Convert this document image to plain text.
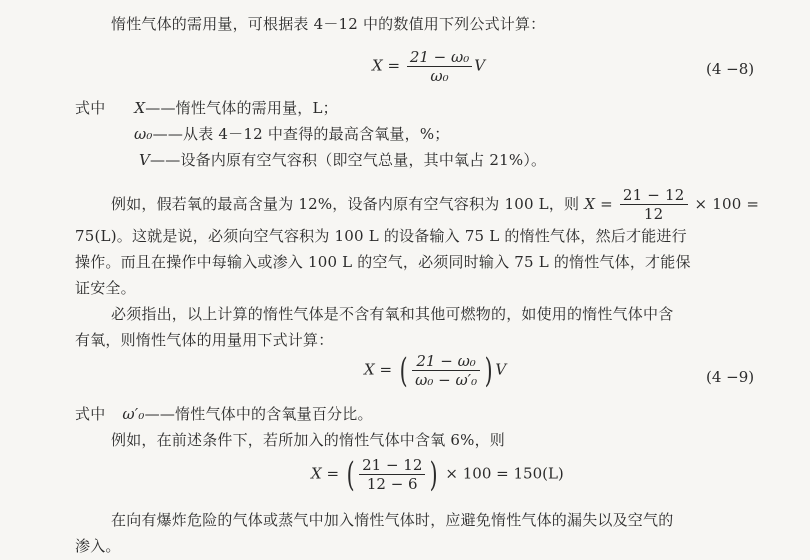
惰性气体的需用量，可根据表 4－12 中的数值用下列公式计算：
$X = \frac{\text{21 − ω₀}}{\text{ω₀}}$ V	(4 −8)
式中 X——惰性气体的需用量，L；
ω₀——从表 4－12 中查得的最高含氧量，%；
V——设备内原有空气容积（即空气总量，其中氧占 21%）。
例如，假若氧的最高含量为 12%，设备内原有空气容积为 100 L，则 $X = \frac{21 - 12}{12} \times 100$ =
75(L)。这就是说，必须向空气容积为 100 L 的设备输入 75 L 的惰性气体，然后才能进行
操作。而且在操作中每输入或渗入 100 L 的空气，必须同时输入 75 L 的惰性气体，才能保
证安全。
必须指出，以上计算的惰性气体是不含有氧和其他可燃物的，如使用的惰性气体中含
有氧，则惰性气体的用量用下式计算：
X = ( $\frac{\text{21 − ω₀}}{\text{ω₀ − ω′₀}}$ ) V	(4 −9)
式中 ω′₀——惰性气体中的含氧量百分比。
例如，在前述条件下，若所加入的惰性气体中含氧 6%，则
X = ( $\frac{21 - 12}{12 - 6}$ ) × 100 = 150(L)
在向有爆炸危险的气体或蒸气中加入惰性气体时，应避免惰性气体的漏失以及空气的
渗入。
